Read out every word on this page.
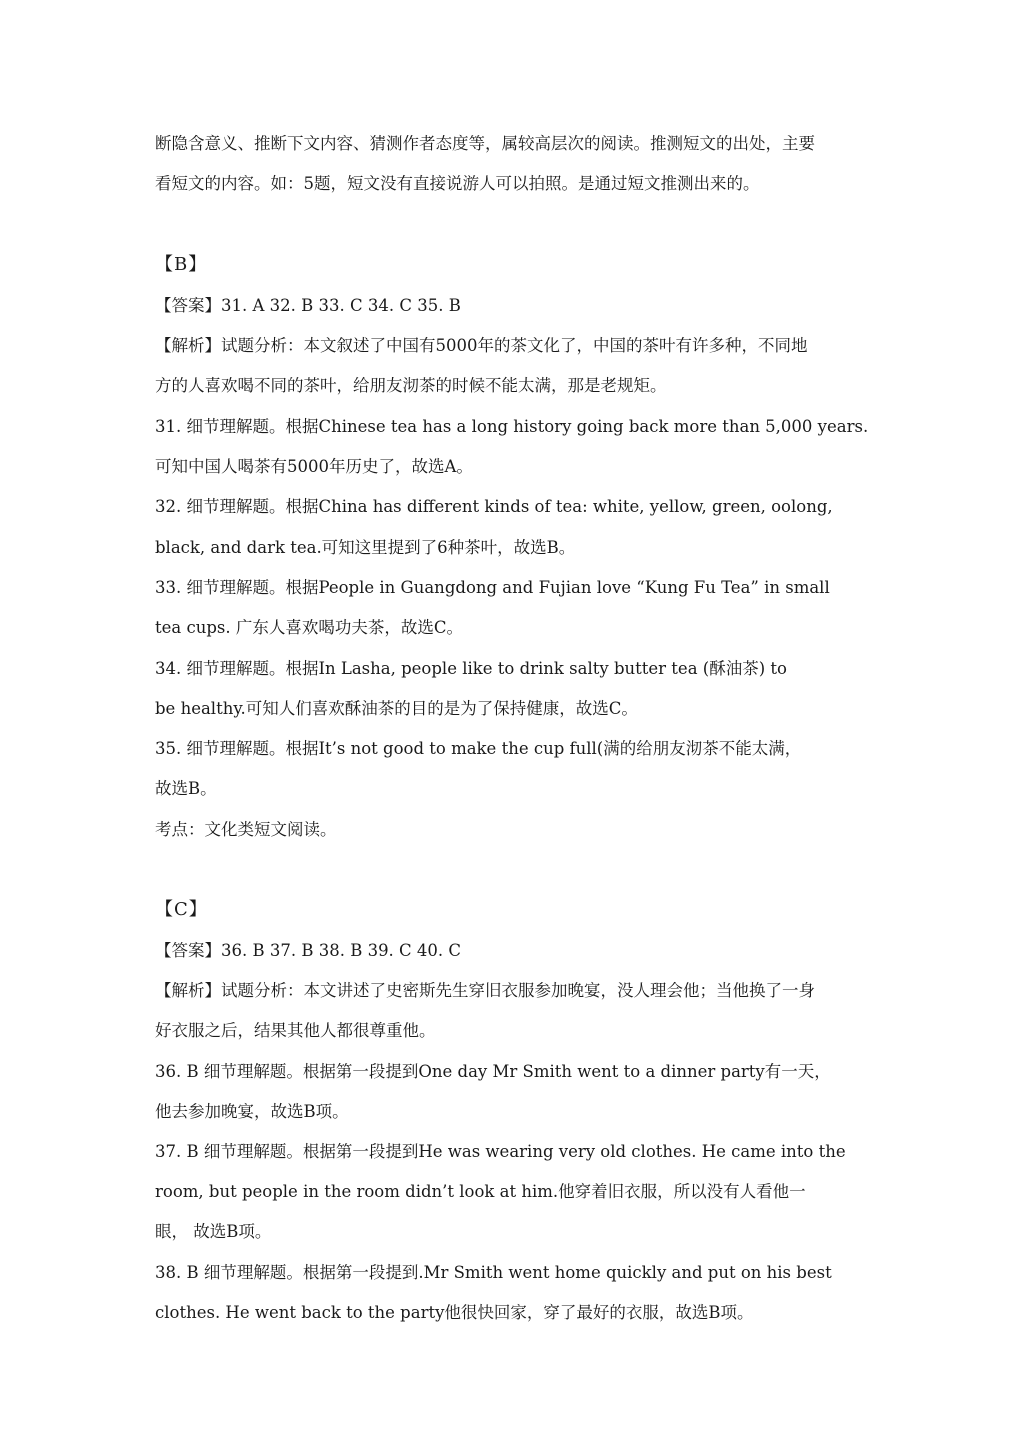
断隐含意义、推断下文内容、猜测作者态度等，属较高层次的阅读。推测短文的出处，主要
看短文的内容。如：5题，短文没有直接说游人可以拍照。是通过短文推测出来的。
【B】
【答案】31. A 32. B 33. C 34. C 35. B
【解析】试题分析：本文叙述了中国有5000年的茶文化了，中国的茶叶有许多种，不同地
方的人喜欢喝不同的茶叶，给朋友沏茶的时候不能太满，那是老规矩。
31. 细节理解题。根据Chinese tea has a long history going back more than 5,000 years.
可知中国人喝茶有5000年历史了，故选A。
32. 细节理解题。根据China has different kinds of tea: white, yellow, green, oolong,
black, and dark tea.可知这里提到了6种茶叶，故选B。
33. 细节理解题。根据People in Guangdong and Fujian love “Kung Fu Tea” in small
tea cups. 广东人喜欢喝功夫茶，故选C。
34. 细节理解题。根据In Lasha, people like to drink salty butter tea (酥油茶) to
be healthy.可知人们喜欢酥油茶的目的是为了保持健康，故选C。
35. 细节理解题。根据It’s not good to make the cup full(满的给朋友沏茶不能太满，
故选B。
考点：文化类短文阅读。
【C】
【答案】36. B 37. B 38. B 39. C 40. C
【解析】试题分析：本文讲述了史密斯先生穿旧衣服参加晚宴，没人理会他；当他换了一身
好衣服之后，结果其他人都很尊重他。
36. B 细节理解题。根据第一段提到One day Mr Smith went to a dinner party有一天，
他去参加晚宴，故选B项。
37. B 细节理解题。根据第一段提到He was wearing very old clothes. He came into the
room, but people in the room didn’t look at him.他穿着旧衣服，所以没有人看他一
眼， 故选B项。
38. B 细节理解题。根据第一段提到.Mr Smith went home quickly and put on his best
clothes. He went back to the party他很快回家，穿了最好的衣服，故选B项。
